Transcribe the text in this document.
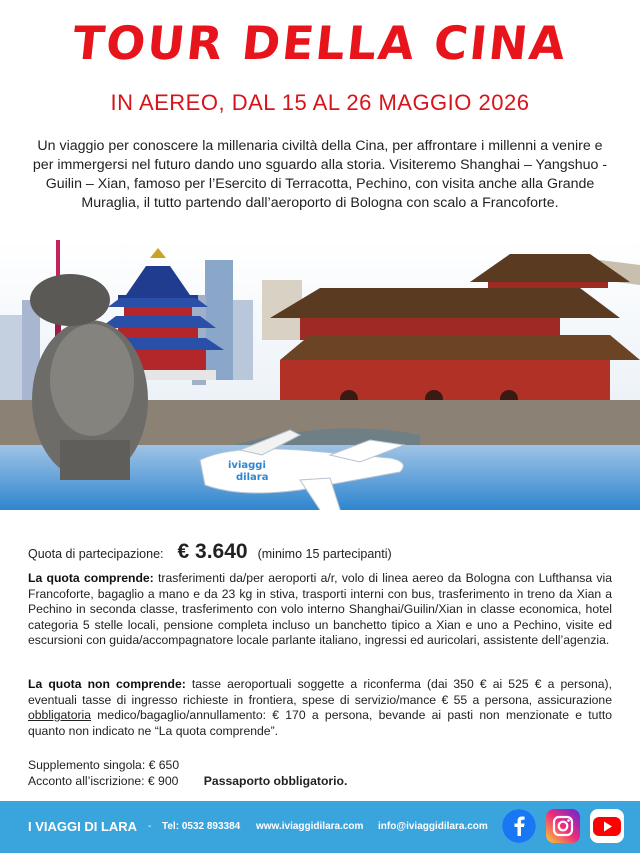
TOUR DELLA CINA
IN AEREO, DAL 15 AL 26 MAGGIO 2026
Un viaggio per conoscere la millenaria civiltà della Cina, per affrontare i millenni a venire e per immergersi nel futuro dando uno sguardo alla storia. Visiteremo Shanghai – Yangshuo - Guilin – Xian, famoso per l’Esercito di Terracotta, Pechino, con visita anche alla Grande Muraglia, il tutto partendo dall’aeroporto di Bologna con scalo a Francoforte.
iviaggi
dilara
Quota di partecipazione: € 3.640 (minimo 15 partecipanti)
La quota comprende: trasferimenti da/per aeroporti a/r, volo di linea aereo da Bologna con Lufthansa via Francoforte, bagaglio a mano e da 23 kg in stiva, trasporti interni con bus, trasferimento in treno da Xian a Pechino in seconda classe, trasferimento con volo interno Shanghai/Guilin/Xian in classe economica, hotel categoria 5 stelle locali, pensione completa incluso un banchetto tipico a Xian e uno a Pechino, visite ed escursioni con guida/accompagnatore locale parlante italiano, ingressi ed auricolari, assistente dell’agenzia.
La quota non comprende: tasse aeroportuali soggette a riconferma (dai 350 € ai 525 € a persona), eventuali tasse di ingresso richieste in frontiera, spese di servizio/mance € 55 a persona, assicurazione obbligatoria medico/bagaglio/annullamento: € 170 a persona, bevande ai pasti non menzionate e tutto quanto non indicato ne “La quota comprende”.
Supplemento singola: € 650
Acconto all’iscrizione: € 900 Passaporto obbligatorio.
I VIAGGI DI LARA - Tel: 0532 893384 www.iviaggidilara.com info@iviaggidilara.com
